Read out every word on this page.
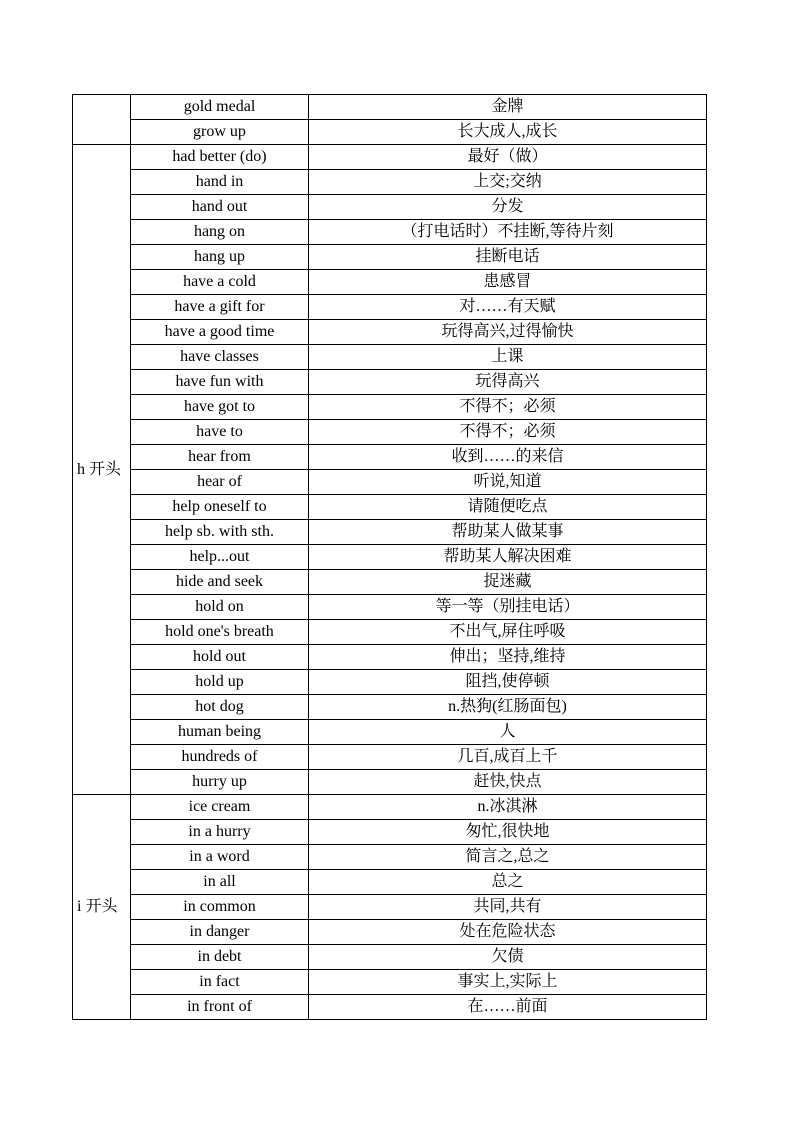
	gold medal	金牌
	grow up	长大成人,成长
h 开头	had better (do)	最好（做）
	hand in	上交;交纳
	hand out	分发
	hang on	（打电话时）不挂断,等待片刻
	hang up	挂断电话
	have a cold	患感冒
	have a gift for	对……有天赋
	have a good time	玩得高兴,过得愉快
	have classes	上课
	have fun with	玩得高兴
	have got to	不得不；必须
	have to	不得不；必须
	hear from	收到……的来信
	hear of	听说,知道
	help oneself to	请随便吃点
	help sb. with sth.	帮助某人做某事
	help...out	帮助某人解决困难
	hide and seek	捉迷藏
	hold on	等一等（别挂电话）
	hold one's breath	不出气,屏住呼吸
	hold out	伸出；坚持,维持
	hold up	阻挡,使停顿
	hot dog	n.热狗(红肠面包)
	human being	人
	hundreds of	几百,成百上千
	hurry up	赶快,快点
i 开头	ice cream	n.冰淇淋
	in a hurry	匆忙,很快地
	in a word	简言之,总之
	in all	总之
	in common	共同,共有
	in danger	处在危险状态
	in debt	欠债
	in fact	事实上,实际上
	in front of	在……前面
